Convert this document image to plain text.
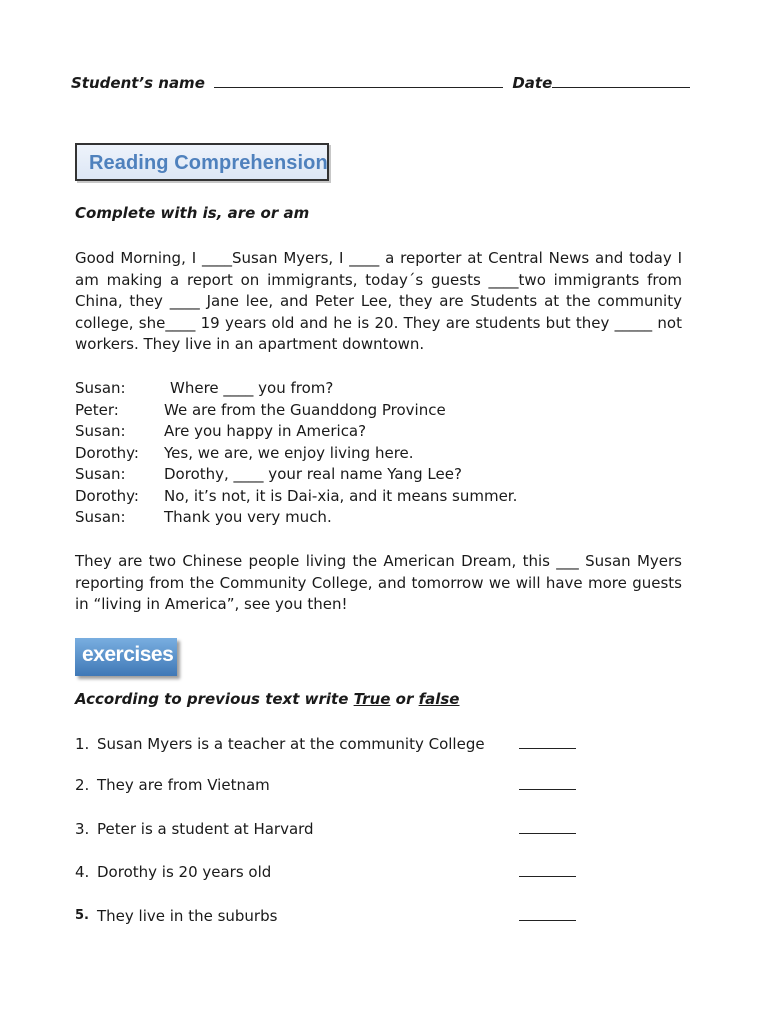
Student’s name	Date
Reading Comprehension
Complete with is, are or am
Good Morning, I ____Susan Myers, I ____ a reporter at Central News and today I am making a report on immigrants, today´s guests ____two immigrants from China, they ____ Jane lee, and Peter Lee, they are Students at the community college, she____ 19 years old and he is 20. They are students but they _____ not workers. They live in an apartment downtown.
Susan:	Where ____ you from?
Peter:	We are from the Guanddong Province
Susan:	Are you happy in America?
Dorothy: Yes, we are, we enjoy living here.
Susan:	Dorothy, ____ your real name Yang Lee?
Dorothy: No, it’s not, it is Dai-xia, and it means summer.
Susan:	Thank you very much.
They are two Chinese people living the American Dream, this ___ Susan Myers reporting from the Community College, and tomorrow we will have more guests in “living in America”, see you then!
exercises
According to previous text write True or false
1. Susan Myers is a teacher at the community College
2. They are from Vietnam
3. Peter is a student at Harvard
4. Dorothy is 20 years old
5. They live in the suburbs
